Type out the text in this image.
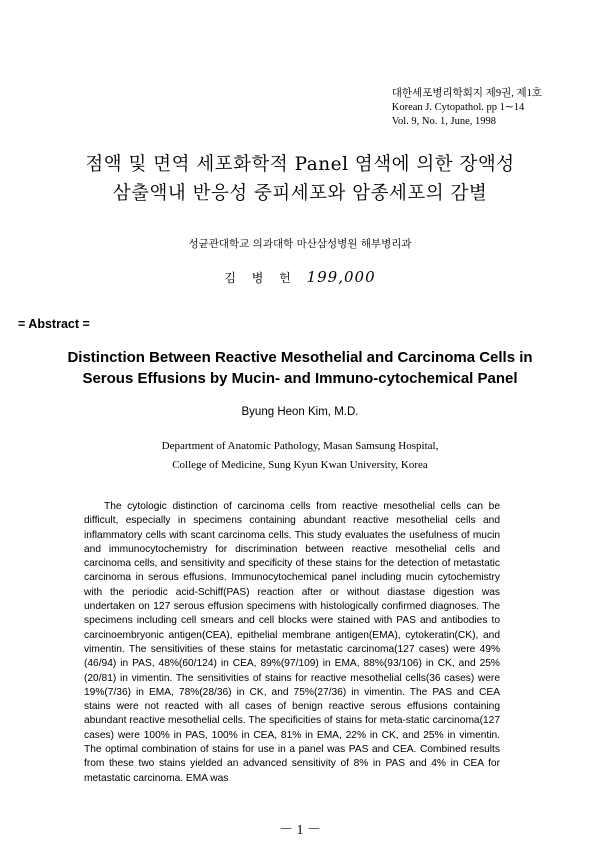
대한세포병리학회지 제9권, 제1호
Korean J. Cytopathol. pp 1∼14
Vol. 9, No. 1, June, 1998
점액 및 면역 세포화학적 Panel 염색에 의한 장액성
삼출액내 반응성 중피세포와 암종세포의 감별
성균관대학교 의과대학 마산삼성병원 해부병리과
김 병 헌 199,000
= Abstract =
Distinction Between Reactive Mesothelial and Carcinoma Cells in
Serous Effusions by Mucin- and Immuno-cytochemical Panel
Byung Heon Kim, M.D.
Department of Anatomic Pathology, Masan Samsung Hospital,
College of Medicine, Sung Kyun Kwan University, Korea

The cytologic distinction of carcinoma cells from reactive mesothelial cells can be difficult, especially in specimens containing abundant reactive mesothelial cells and inflammatory cells with scant carcinoma cells. This study evaluates the usefulness of mucin and immunocytochemistry for discrimination between reactive mesothelial cells and carcinoma cells, and sensitivity and specificity of these stains for the detection of metastatic carcinoma in serous effusions. Immunocytochemical panel including mucin cytochemistry with the periodic acid-Schiff(PAS) reaction after or without diastase digestion was undertaken on 127 serous effusion specimens with histologically confirmed diagnoses. The specimens including cell smears and cell blocks were stained with PAS and antibodies to carcinoembryonic antigen(CEA), epithelial membrane antigen(EMA), cytokeratin(CK), and vimentin. The sensitivities of these stains for metastatic carcinoma(127 cases) were 49%(46/94) in PAS, 48%(60/124) in CEA, 89%(97/109) in EMA, 88%(93/106) in CK, and 25%(20/81) in vimentin. The sensitivities of stains for reactive mesothelial cells(36 cases) were 19%(7/36) in EMA, 78%(28/36) in CK, and 75%(27/36) in vimentin. The PAS and CEA stains were not reacted with all cases of benign reactive serous effusions containing abundant reactive mesothelial cells. The specificities of stains for meta-static carcinoma(127 cases) were 100% in PAS, 100% in CEA, 81% in EMA, 22% in CK, and 25% in vimentin. The optimal combination of stains for use in a panel was PAS and CEA. Combined results from these two stains yielded an advanced sensitivity of 8% in PAS and 4% in CEA for metastatic carcinoma. EMA was

－ 1 －
